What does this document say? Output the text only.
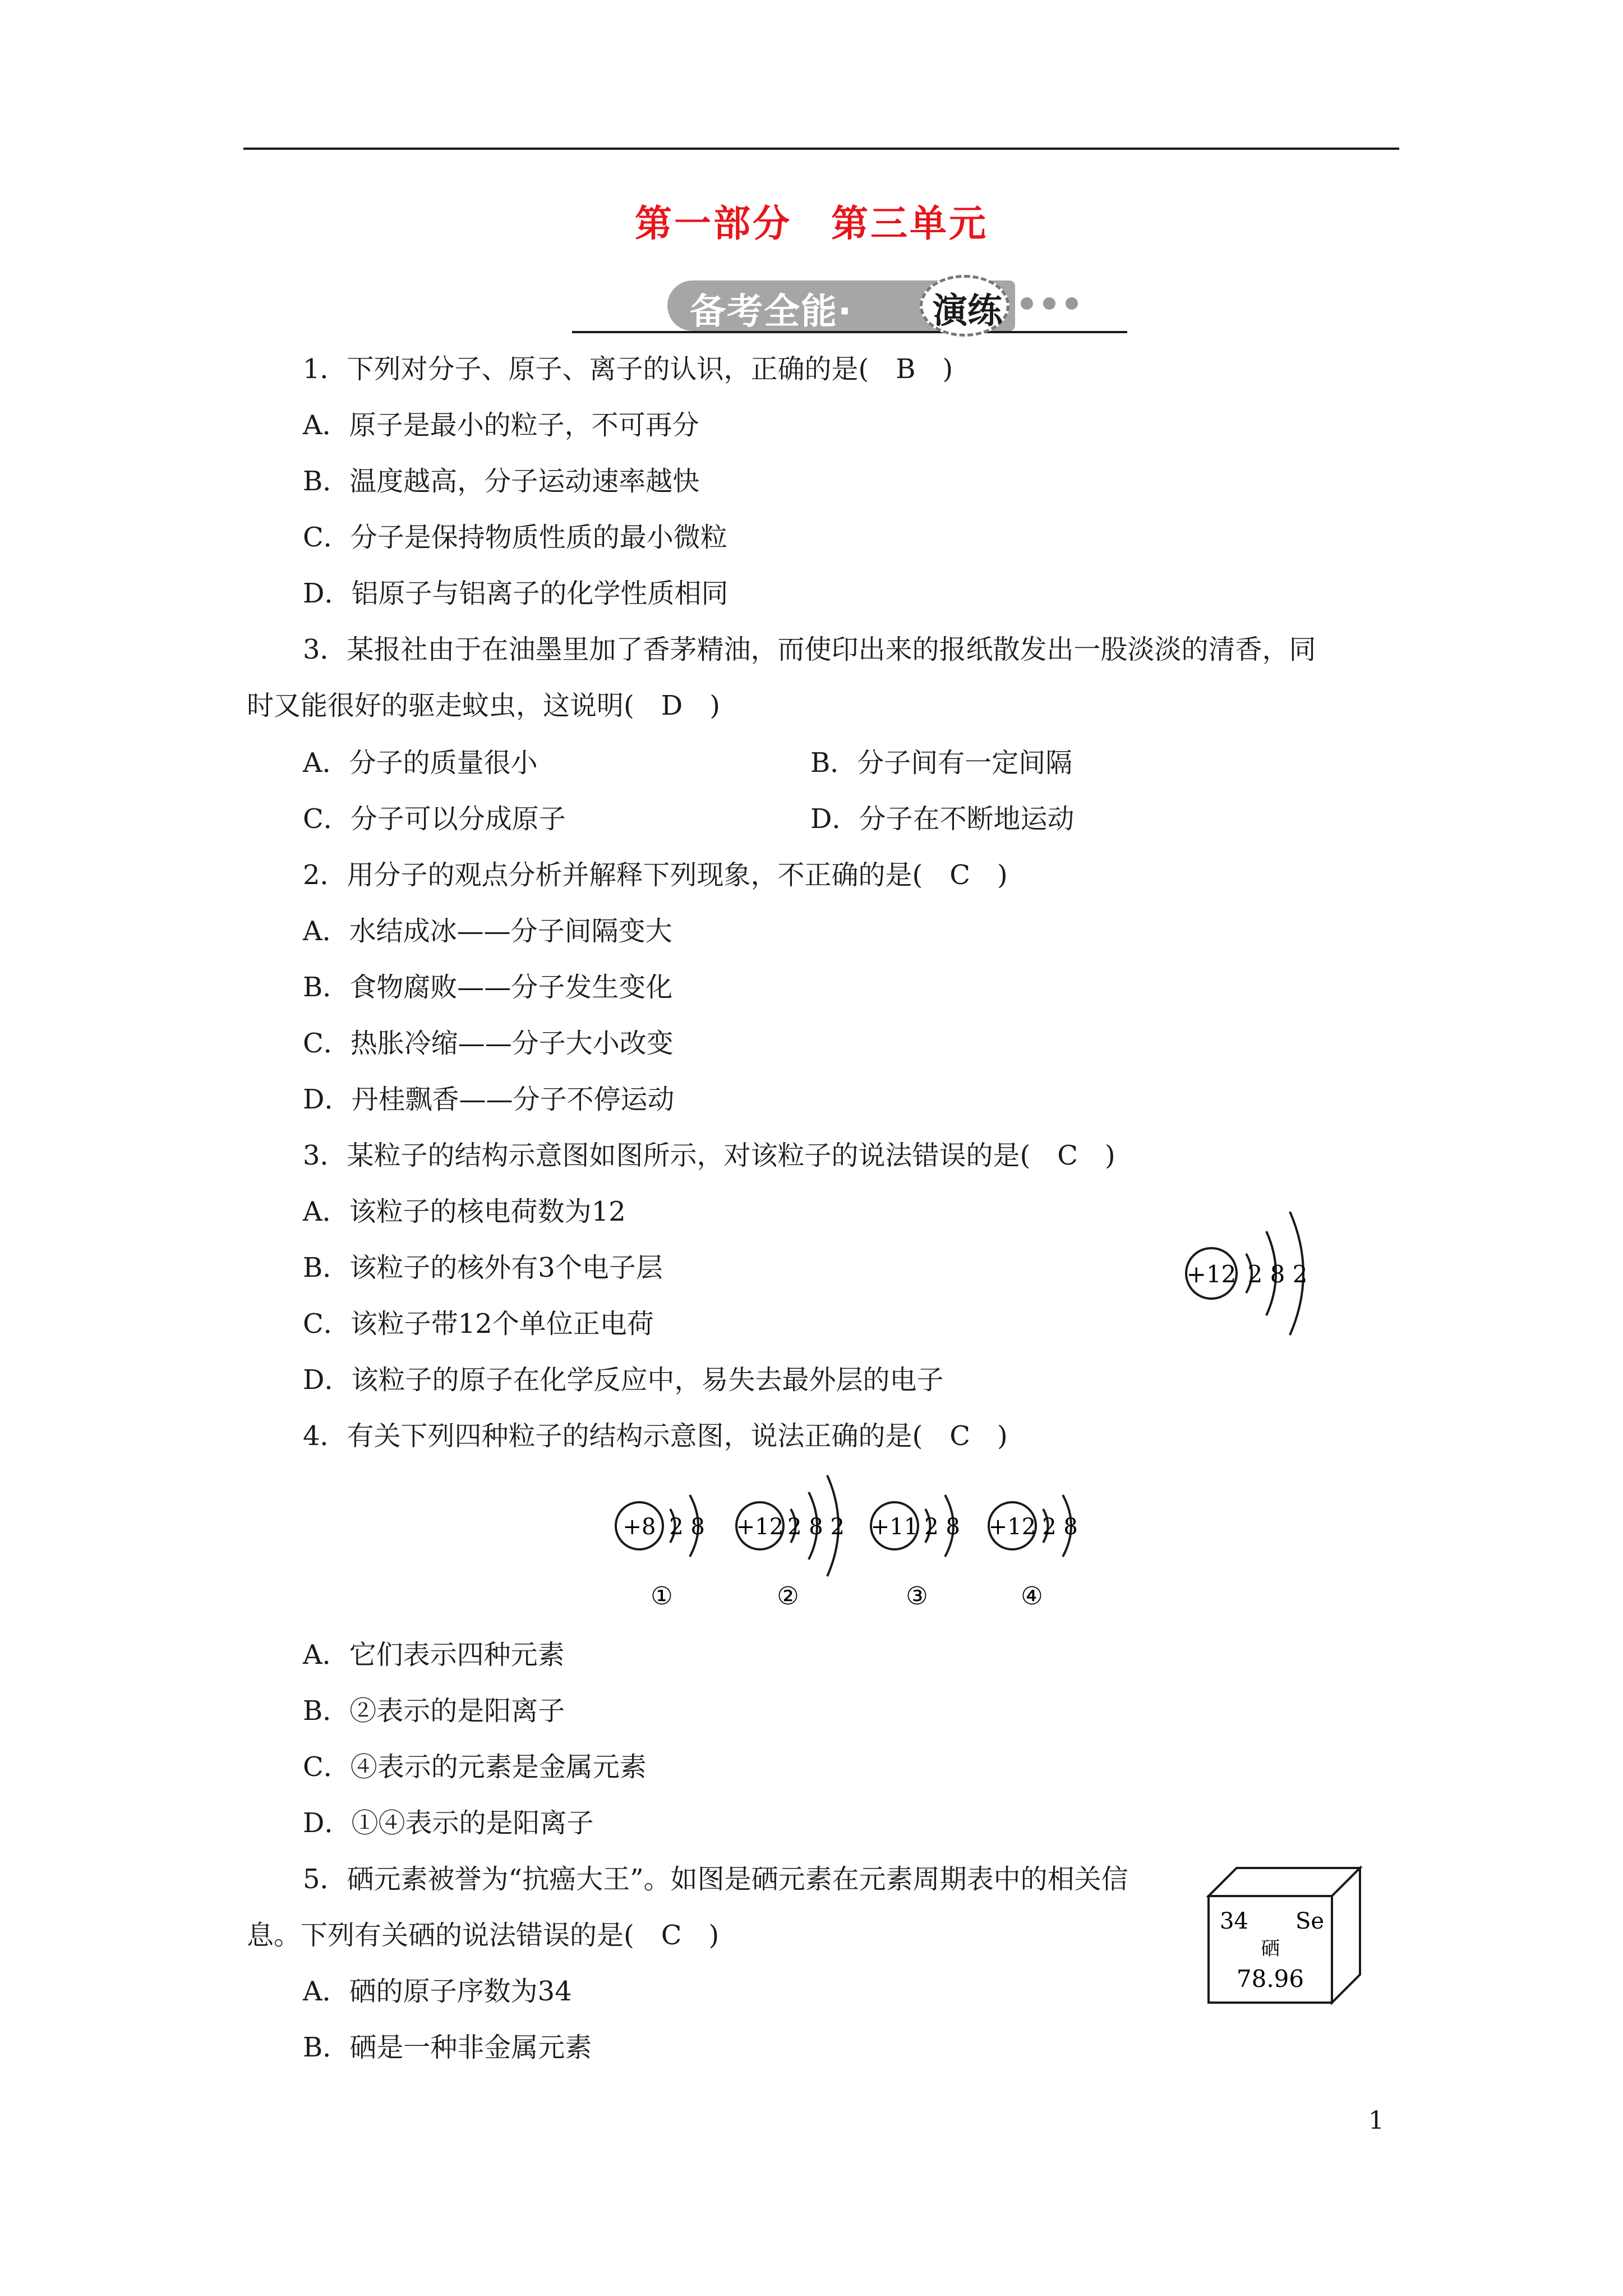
第一部分　第三单元
备考全能· 演练
1．下列对分子、原子、离子的认识，正确的是(　B　)
A．原子是最小的粒子，不可再分
B．温度越高，分子运动速率越快
C．分子是保持物质性质的最小微粒
D．铝原子与铝离子的化学性质相同
3．某报社由于在油墨里加了香茅精油，而使印出来的报纸散发出一股淡淡的清香，同
时又能很好的驱走蚊虫，这说明(　D　)
A．分子的质量很小	B．分子间有一定间隔
C．分子可以分成原子	D．分子在不断地运动
2．用分子的观点分析并解释下列现象，不正确的是(　C　)
A．水结成冰——分子间隔变大
B．食物腐败——分子发生变化
C．热胀冷缩——分子大小改变
D．丹桂飘香——分子不停运动
3．某粒子的结构示意图如图所示，对该粒子的说法错误的是(　C　)
A．该粒子的核电荷数为12
B．该粒子的核外有3个电子层
C．该粒子带12个单位正电荷
D．该粒子的原子在化学反应中，易失去最外层的电子
4．有关下列四种粒子的结构示意图，说法正确的是(　C　)
A．它们表示四种元素
B．②表示的是阳离子
C．④表示的元素是金属元素
D．①④表示的是阳离子
5．硒元素被誉为“抗癌大王”。如图是硒元素在元素周期表中的相关信
息。下列有关硒的说法错误的是(　C　)
A．硒的原子序数为34
B．硒是一种非金属元素
+12 2 8 2
+8 2 8
①
+12 2 8 2
②
+11 2 8
③
+12 2 8
④
34 Se
硒
78.96
1
